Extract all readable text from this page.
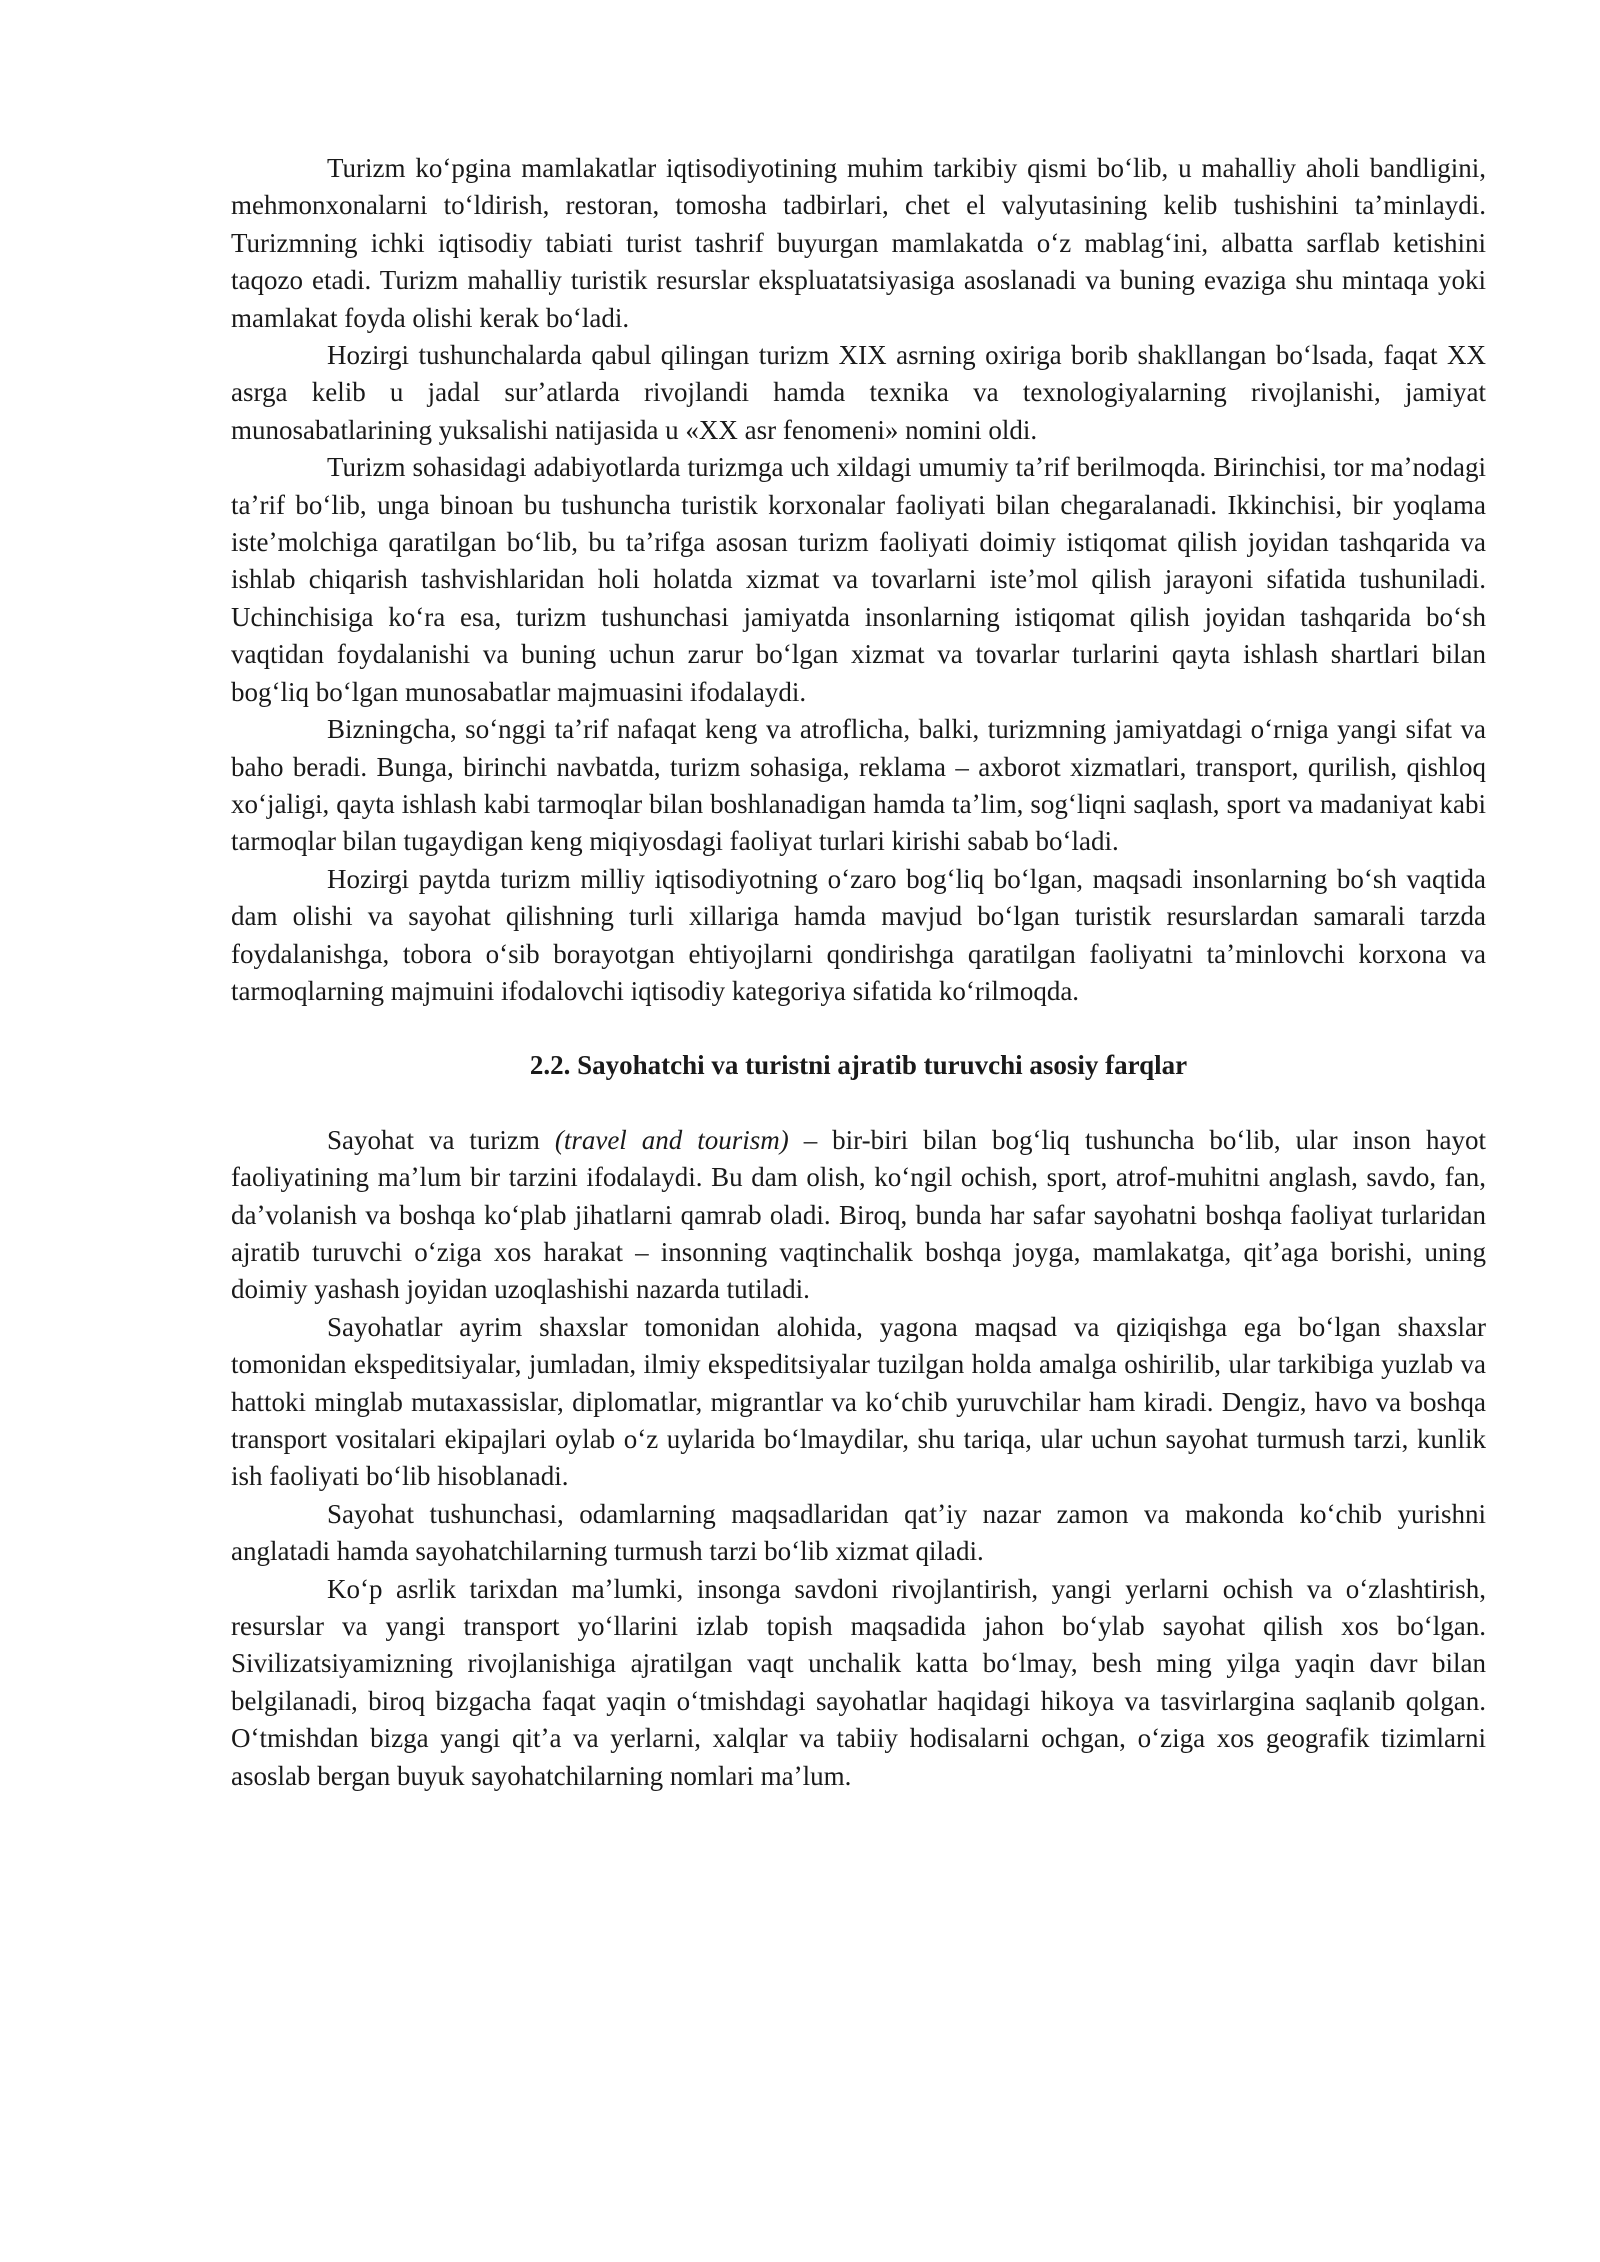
Turizm koʻpgina mamlakatlar iqtisodiyotining muhim tarkibiy qismi boʻlib, u mahalliy aholi bandligini, mehmonxonalarni toʻldirish, restoran, tomosha tadbirlari, chet el valyutasining kelib tushishini taʼminlaydi. Turizmning ichki iqtisodiy tabiati turist tashrif buyurgan mamlakatda oʻz mablagʻini, albatta sarflab ketishini taqozo etadi. Turizm mahalliy turistik resurslar ekspluatatsiyasiga asoslanadi va buning evaziga shu mintaqa yoki mamlakat foyda olishi kerak boʻladi.

Hozirgi tushunchalarda qabul qilingan turizm XIX asrning oxiriga borib shakllangan boʻlsada, faqat XX asrga kelib u jadal surʼatlarda rivojlandi hamda texnika va texnologiyalarning rivojlanishi, jamiyat munosabatlarining yuksalishi natijasida u «XX asr fenomeni» nomini oldi.

Turizm sohasidagi adabiyotlarda turizmga uch xildagi umumiy taʼrif berilmoqda. Birinchisi, tor maʼnodagi taʼrif boʻlib, unga binoan bu tushuncha turistik korxonalar faoliyati bilan chegaralanadi. Ikkinchisi, bir yoqlama isteʼmolchiga qaratilgan boʻlib, bu taʼrifga asosan turizm faoliyati doimiy istiqomat qilish joyidan tashqarida va ishlab chiqarish tashvishlaridan holi holatda xizmat va tovarlarni isteʼmol qilish jarayoni sifatida tushuniladi. Uchinchisiga koʻra esa, turizm tushunchasi jamiyatda insonlarning istiqomat qilish joyidan tashqarida boʻsh vaqtidan foydalanishi va buning uchun zarur boʻlgan xizmat va tovarlar turlarini qayta ishlash shartlari bilan bogʻliq boʻlgan munosabatlar majmuasini ifodalaydi.

Bizningcha, soʻnggi taʼrif nafaqat keng va atroflicha, balki, turizmning jamiyatdagi oʻrniga yangi sifat va baho beradi. Bunga, birinchi navbatda, turizm sohasiga, reklama – axborot xizmatlari, transport, qurilish, qishloq xoʻjaligi, qayta ishlash kabi tarmoqlar bilan boshlanadigan hamda taʼlim, sogʻliqni saqlash, sport va madaniyat kabi tarmoqlar bilan tugaydigan keng miqiyosdagi faoliyat turlari kirishi sabab boʻladi.

Hozirgi paytda turizm milliy iqtisodiyotning oʻzaro bogʻliq boʻlgan, maqsadi insonlarning boʻsh vaqtida dam olishi va sayohat qilishning turli xillariga hamda mavjud boʻlgan turistik resurslardan samarali tarzda foydalanishga, tobora oʻsib borayotgan ehtiyojlarni qondirishga qaratilgan faoliyatni taʼminlovchi korxona va tarmoqlarning majmuini ifodalovchi iqtisodiy kategoriya sifatida koʻrilmoqda.

2.2. Sayohatchi va turistni ajratib turuvchi asosiy farqlar

Sayohat va turizm (travel and tourism) – bir-biri bilan bogʻliq tushuncha boʻlib, ular inson hayot faoliyatining maʼlum bir tarzini ifodalaydi. Bu dam olish, koʻngil ochish, sport, atrof-muhitni anglash, savdo, fan, daʼvolanish va boshqa koʻplab jihatlarni qamrab oladi. Biroq, bunda har safar sayohatni boshqa faoliyat turlaridan ajratib turuvchi oʻziga xos harakat – insonning vaqtinchalik boshqa joyga, mamlakatga, qitʼaga borishi, uning doimiy yashash joyidan uzoqlashishi nazarda tutiladi.

Sayohatlar ayrim shaxslar tomonidan alohida, yagona maqsad va qiziqishga ega boʻlgan shaxslar tomonidan ekspeditsiyalar, jumladan, ilmiy ekspeditsiyalar tuzilgan holda amalga oshirilib, ular tarkibiga yuzlab va hattoki minglab mutaxassislar, diplomatlar, migrantlar va koʻchib yuruvchilar ham kiradi. Dengiz, havo va boshqa transport vositalari ekipajlari oylab oʻz uylarida boʻlmaydilar, shu tariqa, ular uchun sayohat turmush tarzi, kunlik ish faoliyati boʻlib hisoblanadi.

Sayohat tushunchasi, odamlarning maqsadlaridan qatʼiy nazar zamon va makonda koʻchib yurishni anglatadi hamda sayohatchilarning turmush tarzi boʻlib xizmat qiladi.

Koʻp asrlik tarixdan maʼlumki, insonga savdoni rivojlantirish, yangi yerlarni ochish va oʻzlashtirish, resurslar va yangi transport yoʻllarini izlab topish maqsadida jahon boʻylab sayohat qilish xos boʻlgan. Sivilizatsiyamizning rivojlanishiga ajratilgan vaqt unchalik katta boʻlmay, besh ming yilga yaqin davr bilan belgilanadi, biroq bizgacha faqat yaqin oʻtmishdagi sayohatlar haqidagi hikoya va tasvirlargina saqlanib qolgan. Oʻtmishdan bizga yangi qitʼa va yerlarni, xalqlar va tabiiy hodisalarni ochgan, oʻziga xos geografik tizimlarni asoslab bergan buyuk sayohatchilarning nomlari maʼlum.
